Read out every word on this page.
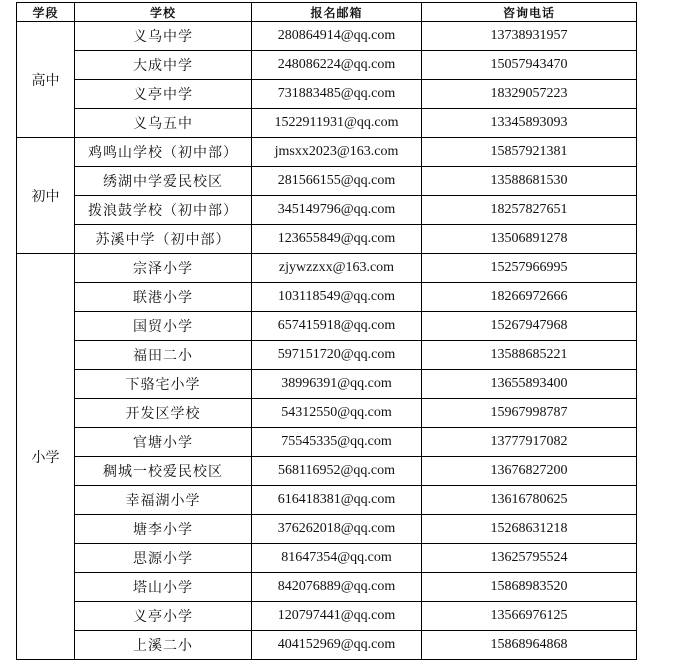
学段	学校	报名邮箱	咨询电话
高中	义乌中学	280864914@qq.com	13738931957
	大成中学	248086224@qq.com	15057943470
	义亭中学	731883485@qq.com	18329057223
	义乌五中	1522911931@qq.com	13345893093
初中	鸡鸣山学校（初中部）	jmsxx2023@163.com	15857921381
	绣湖中学爱民校区	281566155@qq.com	13588681530
	拨浪鼓学校（初中部）	345149796@qq.com	18257827651
	苏溪中学（初中部）	123655849@qq.com	13506891278
小学	宗泽小学	zjywzzxx@163.com	15257966995
	联港小学	103118549@qq.com	18266972666
	国贸小学	657415918@qq.com	15267947968
	福田二小	597151720@qq.com	13588685221
	下骆宅小学	38996391@qq.com	13655893400
	开发区学校	54312550@qq.com	15967998787
	官塘小学	75545335@qq.com	13777917082
	稠城一校爱民校区	568116952@qq.com	13676827200
	幸福湖小学	616418381@qq.com	13616780625
	塘李小学	376262018@qq.com	15268631218
	思源小学	81647354@qq.com	13625795524
	塔山小学	842076889@qq.com	15868983520
	义亭小学	120797441@qq.com	13566976125
	上溪二小	404152969@qq.com	15868964868
